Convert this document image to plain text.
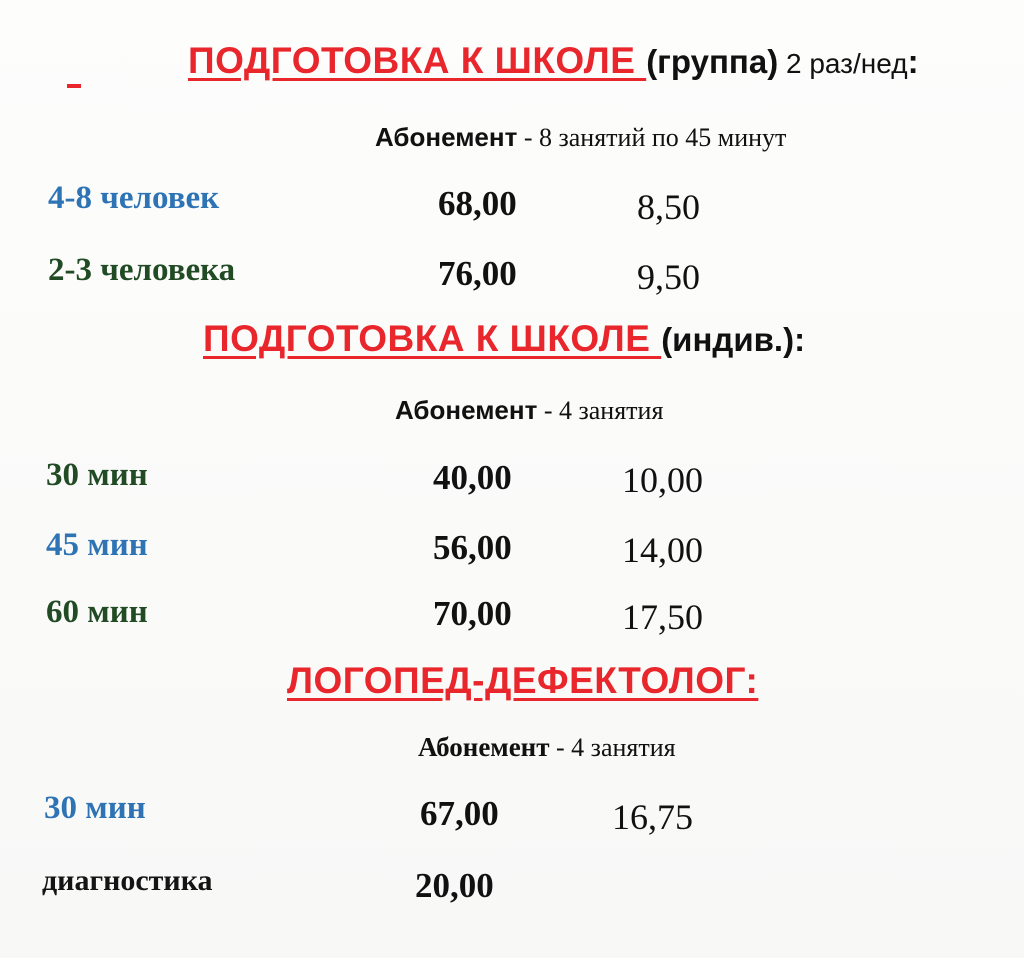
ПОДГОТОВКА К ШКОЛЕ (группа) 2 раз/нед:
Абонемент - 8 занятий по 45 минут
4-8 человек	68,00	8,50
2-3 человека	76,00	9,50
ПОДГОТОВКА К ШКОЛЕ (индив.):
Абонемент - 4 занятия
30 мин	40,00	10,00
45 мин	56,00	14,00
60 мин	70,00	17,50
ЛОГОПЕД-ДЕФЕКТОЛОГ:
Абонемент - 4 занятия
30 мин	67,00	16,75
диагностика	20,00
